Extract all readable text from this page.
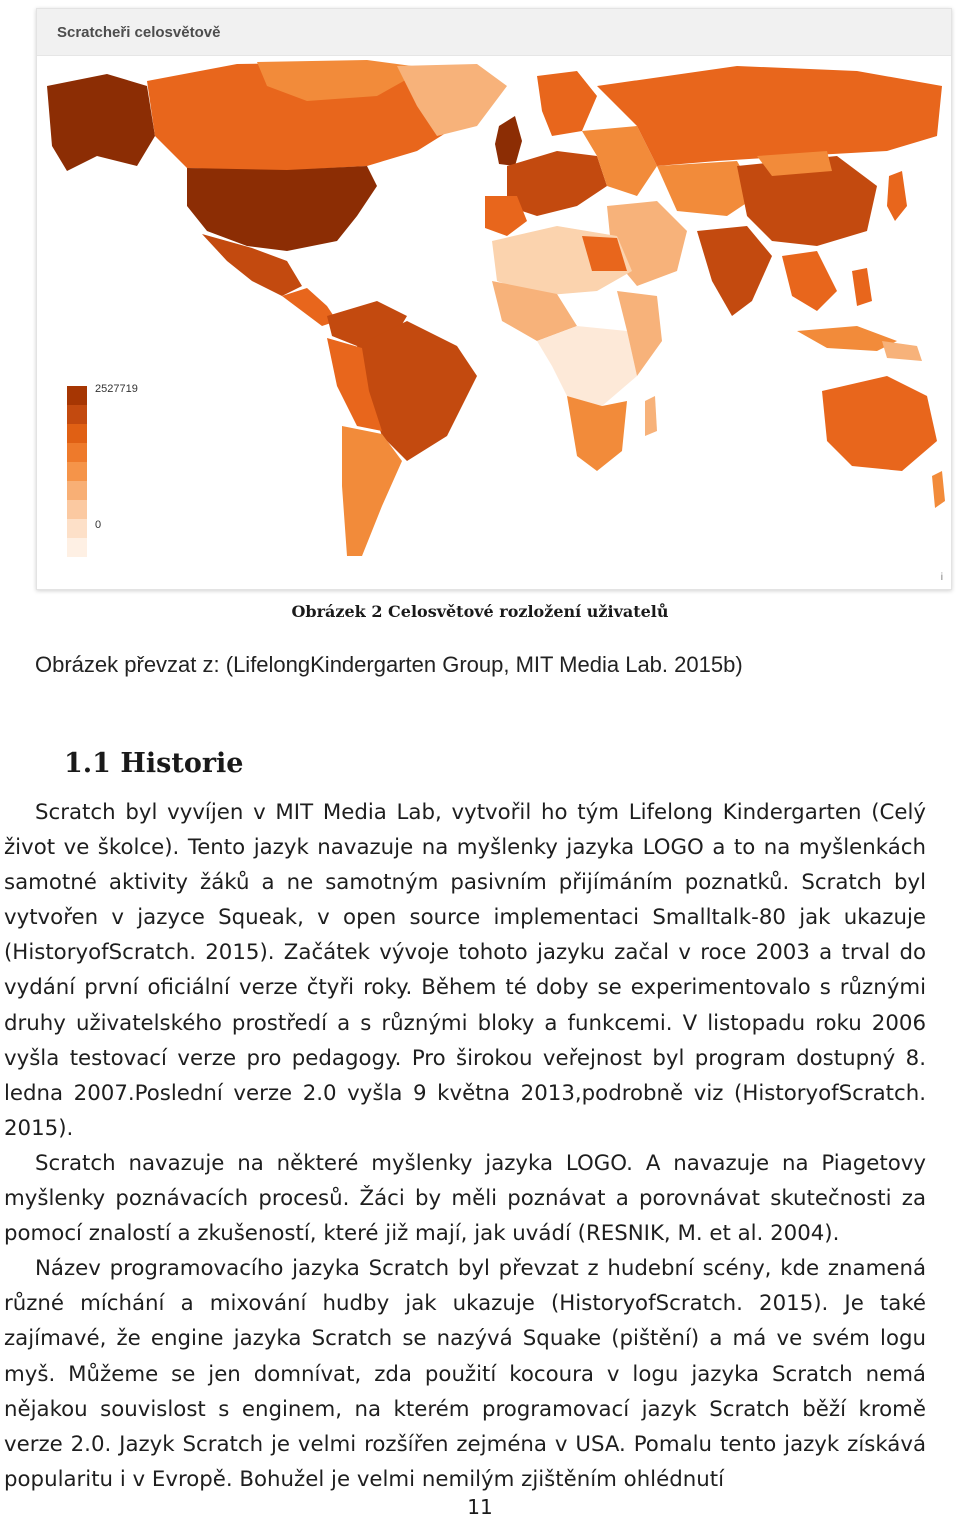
Scratcheři celosvětově
2527719
0
i
Obrázek 2 Celosvětové rozložení uživatelů
Obrázek převzat z: (LifelongKindergarten Group, MIT Media Lab. 2015b)
1.1 Historie

Scratch byl vyvíjen v MIT Media Lab, vytvořil ho tým Lifelong Kindergarten (Celý život ve školce). Tento jazyk navazuje na myšlenky jazyka LOGO a to na myšlenkách samotné aktivity žáků a ne samotným pasivním přijímáním poznatků. Scratch byl vytvořen v jazyce Squeak, v open source implementaci Smalltalk-80 jak ukazuje (HistoryofScratch. 2015). Začátek vývoje tohoto jazyku začal v roce 2003 a trval do vydání první oficiální verze čtyři roky. Během té doby se experimentovalo s různými druhy uživatelského prostředí a s různými bloky a funkcemi. V listopadu roku 2006 vyšla testovací verze pro pedagogy. Pro širokou veřejnost byl program dostupný 8. ledna 2007.Poslední verze 2.0 vyšla 9 května 2013,podrobně viz (HistoryofScratch. 2015).

Scratch navazuje na některé myšlenky jazyka LOGO. A navazuje na Piagetovy myšlenky poznávacích procesů. Žáci by měli poznávat a porovnávat skutečnosti za pomocí znalostí a zkušeností, které již mají, jak uvádí (RESNIK, M. et al. 2004).

Název programovacího jazyka Scratch byl převzat z hudební scény, kde znamená různé míchání a mixování hudby jak ukazuje (HistoryofScratch. 2015). Je také zajímavé, že engine jazyka Scratch se nazývá Squake (pištění) a má ve svém logu myš. Můžeme se jen domnívat, zda použití kocoura v logu jazyka Scratch nemá nějakou souvislost s enginem, na kterém programovací jazyk Scratch běží kromě verze 2.0. Jazyk Scratch je velmi rozšířen zejména v USA. Pomalu tento jazyk získává popularitu i v Evropě. Bohužel je velmi nemilým zjištěním ohlédnutí

11
